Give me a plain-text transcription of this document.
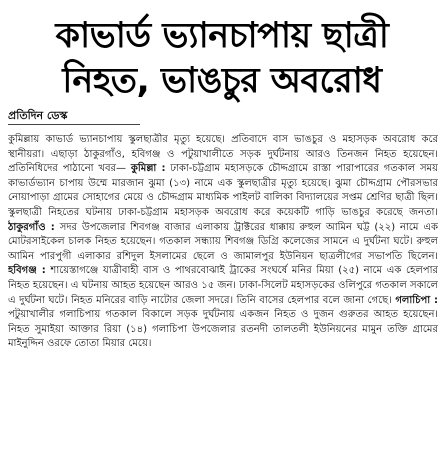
কাভার্ড ভ্যানচাপায় ছাত্রী
নিহত, ভাঙচুর অবরোধ
প্রতিদিন ডেস্ক

কুমিল্লায় কাভার্ড ভ্যানচাপায় স্কুলছাত্রীর মৃত্যু হয়েছে। প্রতিবাদে বাস ভাঙচুর ও মহাসড়ক অবরোধ করে স্থানীয়রা। এছাড়া ঠাকুরগাঁও, হবিগঞ্জ ও পটুয়াখালীতে সড়ক দুর্ঘটনায় আরও তিনজন নিহত হয়েছেন। প্রতিনিধিদের পাঠানো খবর— কুমিল্লা : ঢাকা-চট্টগ্রাম মহাসড়কে চৌদ্দগ্রামে রাস্তা পারাপারের গতকাল সময় কাভার্ডভ্যান চাপায় উম্মে মারজান ঝুমা (১৩) নামে এক স্কুলছাত্রীর মৃত্যু হয়েছে। ঝুমা চৌদ্দগ্রাম পৌরসভার নোয়াপাড়া গ্রামের সোহাগের মেয়ে ও চৌদ্দগ্রাম মাধ্যমিক পাইলট বালিকা বিদ্যালয়ের সপ্তম শ্রেণির ছাত্রী ছিল। স্কুলছাত্রী নিহতের ঘটনায় ঢাকা-চট্টগ্রাম মহাসড়ক অবরোধ করে কয়েকটি গাড়ি ভাঙচুর করেছে জনতা। ঠাকুরগাঁও : সদর উপজেলার শিবগঞ্জ বাজার এলাকায় ট্রাক্টরের ধাক্কায় রুহুল আমিন ঘট্ট (২২) নামে এক মোটরসাইকেল চালক নিহত হয়েছেন। গতকাল সন্ধ্যায় শিবগঞ্জ ডিগ্রি কলেজের সামনে এ দুর্ঘটনা ঘটে। রুহুল আমিন পারপুগী এলাকার রশিদুল ইসলামের ছেলে ও জামালপুর ইউনিয়ন ছাত্রলীগের সভাপতি ছিলেন। হবিগঞ্জ : শায়েস্তাগঞ্জে যাত্রীবাহী বাস ও পাথরবোঝাই ট্রাকের সংঘর্ষে মনির মিয়া (২৫) নামে এক হেলপার নিহত হয়েছেন। এ ঘটনায় আহত হয়েছেন আরও ১৫ জন। ঢাকা-সিলেট মহাসড়কের ওলিপুরে গতকাল সকালে এ দুর্ঘটনা ঘটে। নিহত মনিরের বাড়ি নাটোর জেলা সদরে। তিনি বাসের হেলপার বলে জানা গেছে। গলাচিপা : পটুয়াখালীর গলাচিপায় গতকাল বিকালে সড়ক দুর্ঘটনায় একজন নিহত ও দুজন গুরুতর আহত হয়েছেন। নিহত সুমাইয়া আক্তার রিয়া (১৪) গলাচিপা উপজেলার রতনদী তালতলী ইউনিয়নের মামুন তক্তি গ্রামের মাইনুদ্দিন ওরফে তোতা মিয়ার মেয়ে।
